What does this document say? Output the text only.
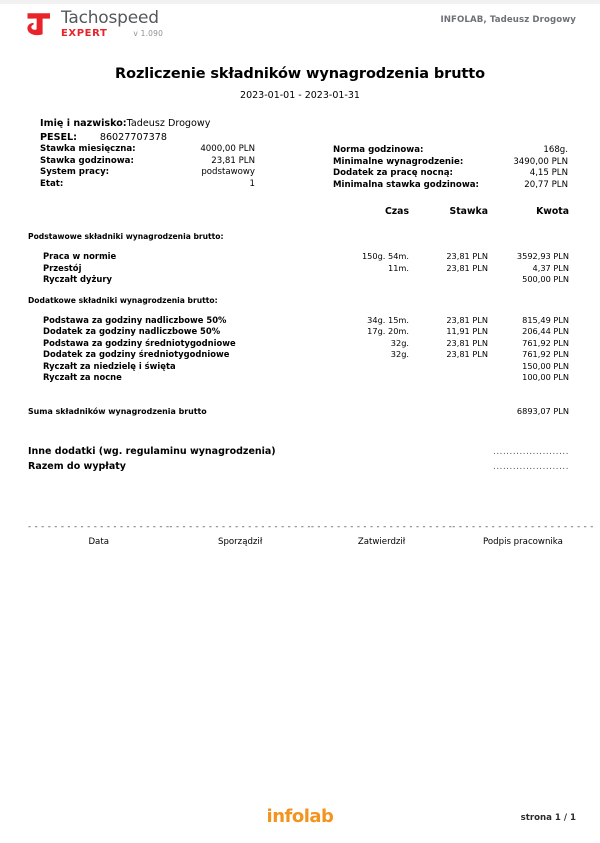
Tachospeed
EXPERT	v 1.090
INFOLAB, Tadeusz Drogowy
Rozliczenie składników wynagrodzenia brutto
2023-01-01 - 2023-01-31
Imię i nazwisko: Tadeusz Drogowy
PESEL: 86027707378
Stawka miesięczna:	4000,00 PLN
Stawka godzinowa:	23,81 PLN
System pracy:	podstawowy
Etat:	1
Norma godzinowa:	168g.
Minimalne wynagrodzenie:	3490,00 PLN
Dodatek za pracę nocną:	4,15 PLN
Minimalna stawka godzinowa:	20,77 PLN
Czas	Stawka	Kwota
Podstawowe składniki wynagrodzenia brutto:
Praca w normie	150g. 54m.	23,81 PLN	3592,93 PLN
Przestój	11m.	23,81 PLN	4,37 PLN
Ryczałt dyżury	500,00 PLN
Dodatkowe składniki wynagrodzenia brutto:
Podstawa za godziny nadliczbowe 50%	34g. 15m.	23,81 PLN	815,49 PLN
Dodatek za godziny nadliczbowe 50%	17g. 20m.	11,91 PLN	206,44 PLN
Podstawa za godziny średniotygodniowe	32g.	23,81 PLN	761,92 PLN
Dodatek za godziny średniotygodniowe	32g.	23,81 PLN	761,92 PLN
Ryczałt za niedzielę i święta	150,00 PLN
Ryczałt za nocne	100,00 PLN
Suma składników wynagrodzenia brutto	6893,07 PLN
Inne dodatki (wg. regulaminu wynagrodzenia)	.......................
Razem do wypłaty	.......................
- - - - - - - - - - - - - - - - - - - - - -
Data
- - - - - - - - - - - - - - - - - - - - - -
Sporządził
- - - - - - - - - - - - - - - - - - - - - -
Zatwierdził
- - - - - - - - - - - - - - - - - - - - - -
Podpis pracownika
infolab	strona 1 / 1
